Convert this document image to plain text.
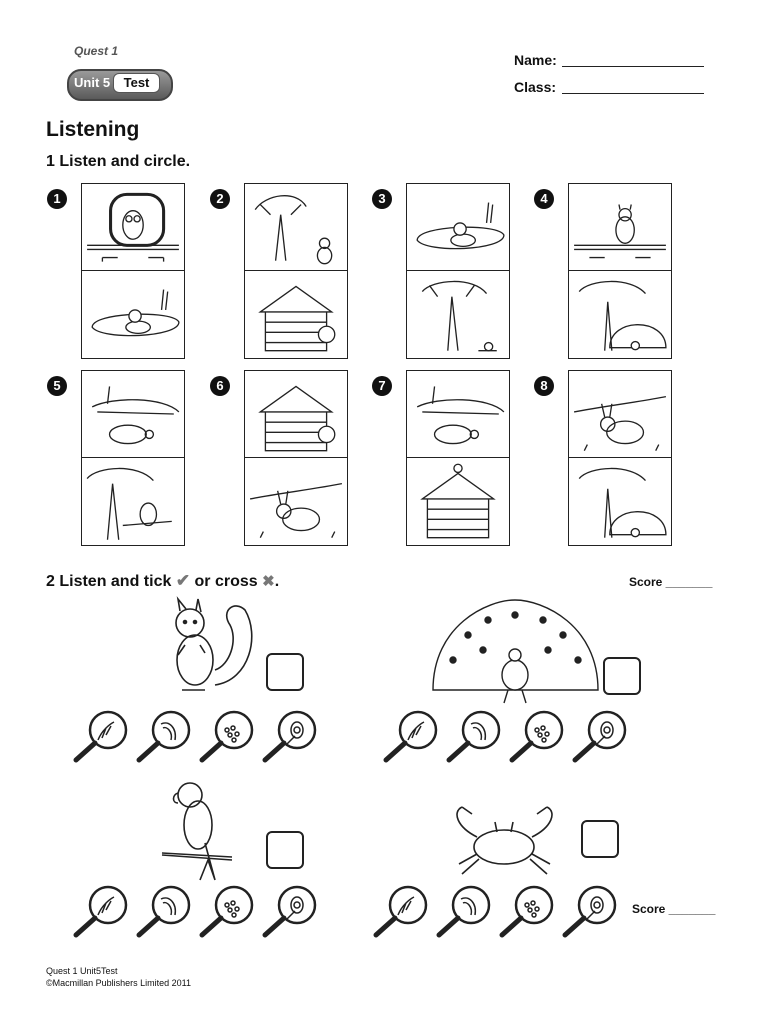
Quest 1
Unit 5	Test
Name:
Class:
Listening
1 Listen and circle.
1	2	3	4
5	6	7	8
2 Listen and tick ✔ or cross ✖.	Score _______
Score _______
Quest 1 Unit5Test
©Macmillan Publishers Limited 2011
